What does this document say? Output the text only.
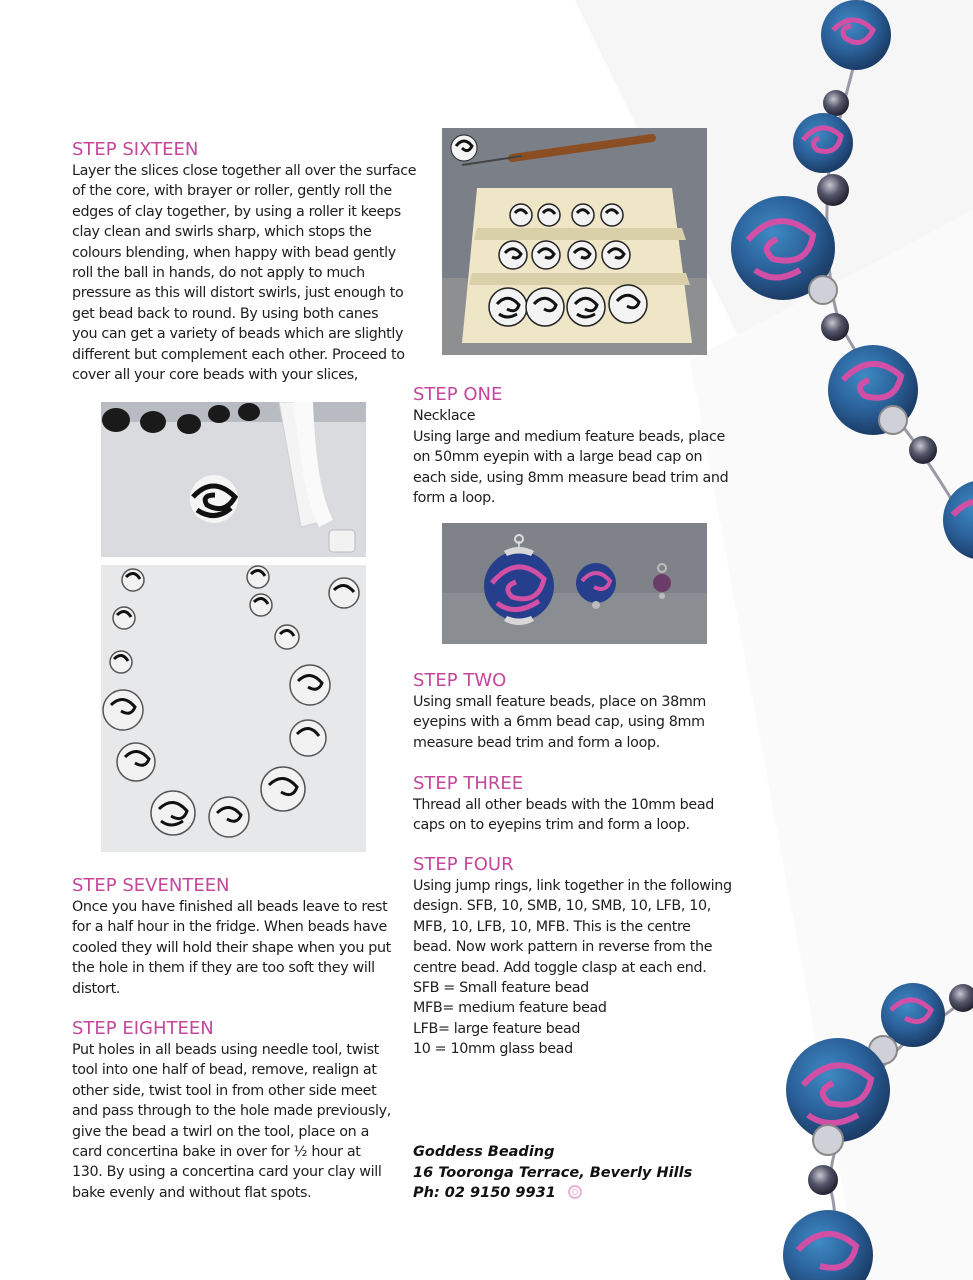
STEP SIXTEEN
Layer the slices close together all over the surface
of the core, with brayer or roller, gently roll the
edges of clay together, by using a roller it keeps
clay clean and swirls sharp, which stops the
colours blending, when happy with bead gently
roll the ball in hands, do not apply to much
pressure as this will distort swirls, just enough to
get bead back to round. By using both canes
you can get a variety of beads which are slightly
different but complement each other. Proceed to
cover all your core beads with your slices,
STEP SEVENTEEN
Once you have finished all beads leave to rest
for a half hour in the fridge. When beads have
cooled they will hold their shape when you put
the hole in them if they are too soft they will
distort.
STEP EIGHTEEN
Put holes in all beads using needle tool, twist
tool into one half of bead, remove, realign at
other side, twist tool in from other side meet
and pass through to the hole made previously,
give the bead a twirl on the tool, place on a
card concertina bake in over for ½ hour at
130. By using a concertina card your clay will
bake evenly and without flat spots.
STEP ONE
Necklace
Using large and medium feature beads, place
on 50mm eyepin with a large bead cap on
each side, using 8mm measure bead trim and
form a loop.
STEP TWO
Using small feature beads, place on 38mm
eyepins with a 6mm bead cap, using 8mm
measure bead trim and form a loop.
STEP THREE
Thread all other beads with the 10mm bead
caps on to eyepins trim and form a loop.
STEP FOUR
Using jump rings, link together in the following
design. SFB, 10, SMB, 10, SMB, 10, LFB, 10,
MFB, 10, LFB, 10, MFB. This is the centre
bead. Now work pattern in reverse from the
centre bead. Add toggle clasp at each end.
SFB = Small feature bead
MFB= medium feature bead
LFB= large feature bead
10 = 10mm glass bead
Goddess Beading
16 Tooronga Terrace, Beverly Hills
Ph: 02 9150 9931
